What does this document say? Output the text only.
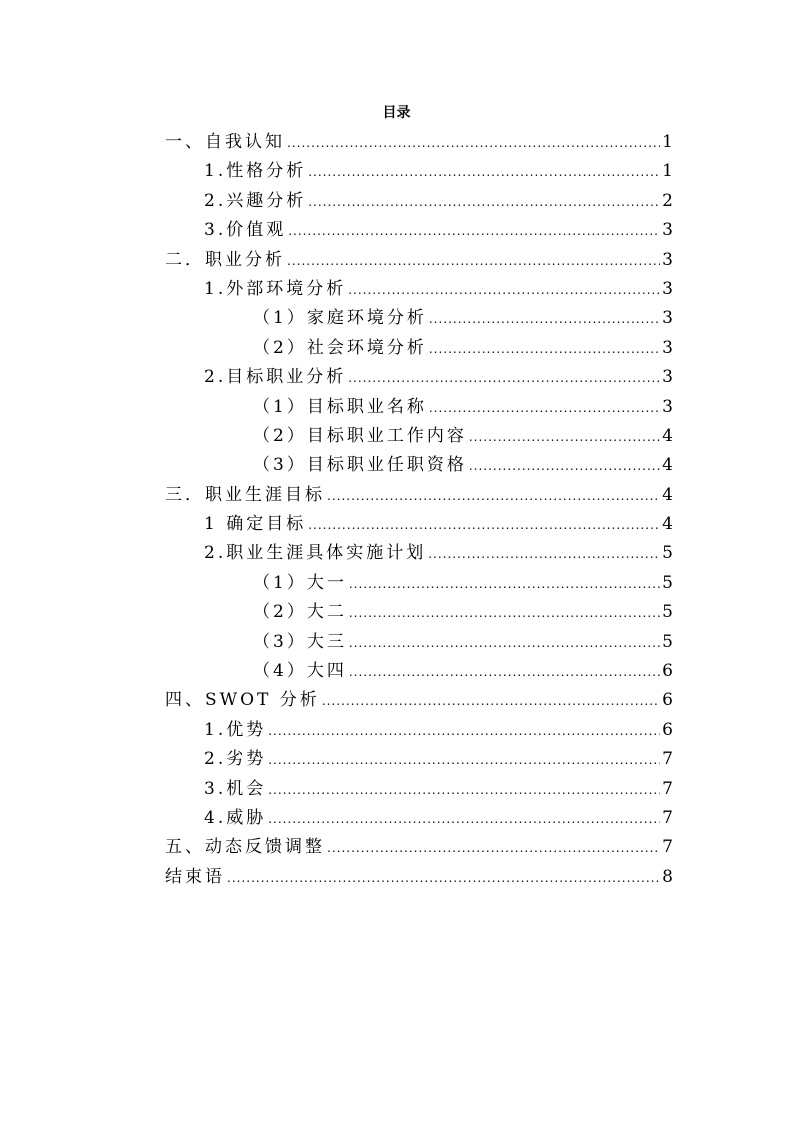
目录
一、自我认知 .....	1
1.性格分析 .....	1
2.兴趣分析 .....	2
3.价值观 .....	3
二．职业分析 .....	3
1.外部环境分析 .....	3
（1）家庭环境分析 .....	3
（2）社会环境分析 .....	3
2.目标职业分析 .....	3
（1）目标职业名称 .....	3
（2）目标职业工作内容 .....	4
（3）目标职业任职资格 .....	4
三．职业生涯目标 .....	4
1 确定目标 .....	4
2.职业生涯具体实施计划 .....	5
（1）大一 .....	5
（2）大二 .....	5
（3）大三 .....	5
（4）大四 .....	6
四、SWOT 分析 .....	6
1.优势 .....	6
2.劣势 .....	7
3.机会 .....	7
4.威胁 .....	7
五、动态反馈调整 .....	7
结束语 .....	8
